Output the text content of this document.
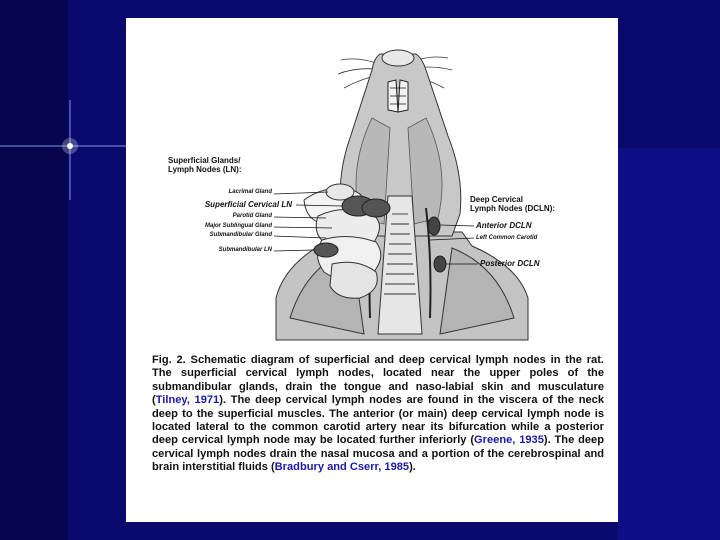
Superficial Glands/
Lymph Nodes (LN):
Lacrimal Gland
Superficial Cervical LN
Parotid Gland
Major Sublingual Gland
Submandibular Gland
Submandibular LN
Deep Cervical
Lymph Nodes (DCLN):
Anterior DCLN
Left Common Carotid
Posterior DCLN
Fig. 2. Schematic diagram of superficial and deep cervical lymph nodes in the rat. The superficial cervical lymph nodes, located near the upper poles of the submandibular glands, drain the tongue and naso-labial skin and musculature (Tilney, 1971). The deep cervical lymph nodes are found in the viscera of the neck deep to the superficial muscles. The anterior (or main) deep cervical lymph node is located lateral to the common carotid artery near its bifurcation while a posterior deep cervical lymph node may be located further inferiorly (Greene, 1935). The deep cervical lymph nodes drain the nasal mucosa and a portion of the cerebrospinal and brain interstitial fluids (Bradbury and Cserr, 1985).
